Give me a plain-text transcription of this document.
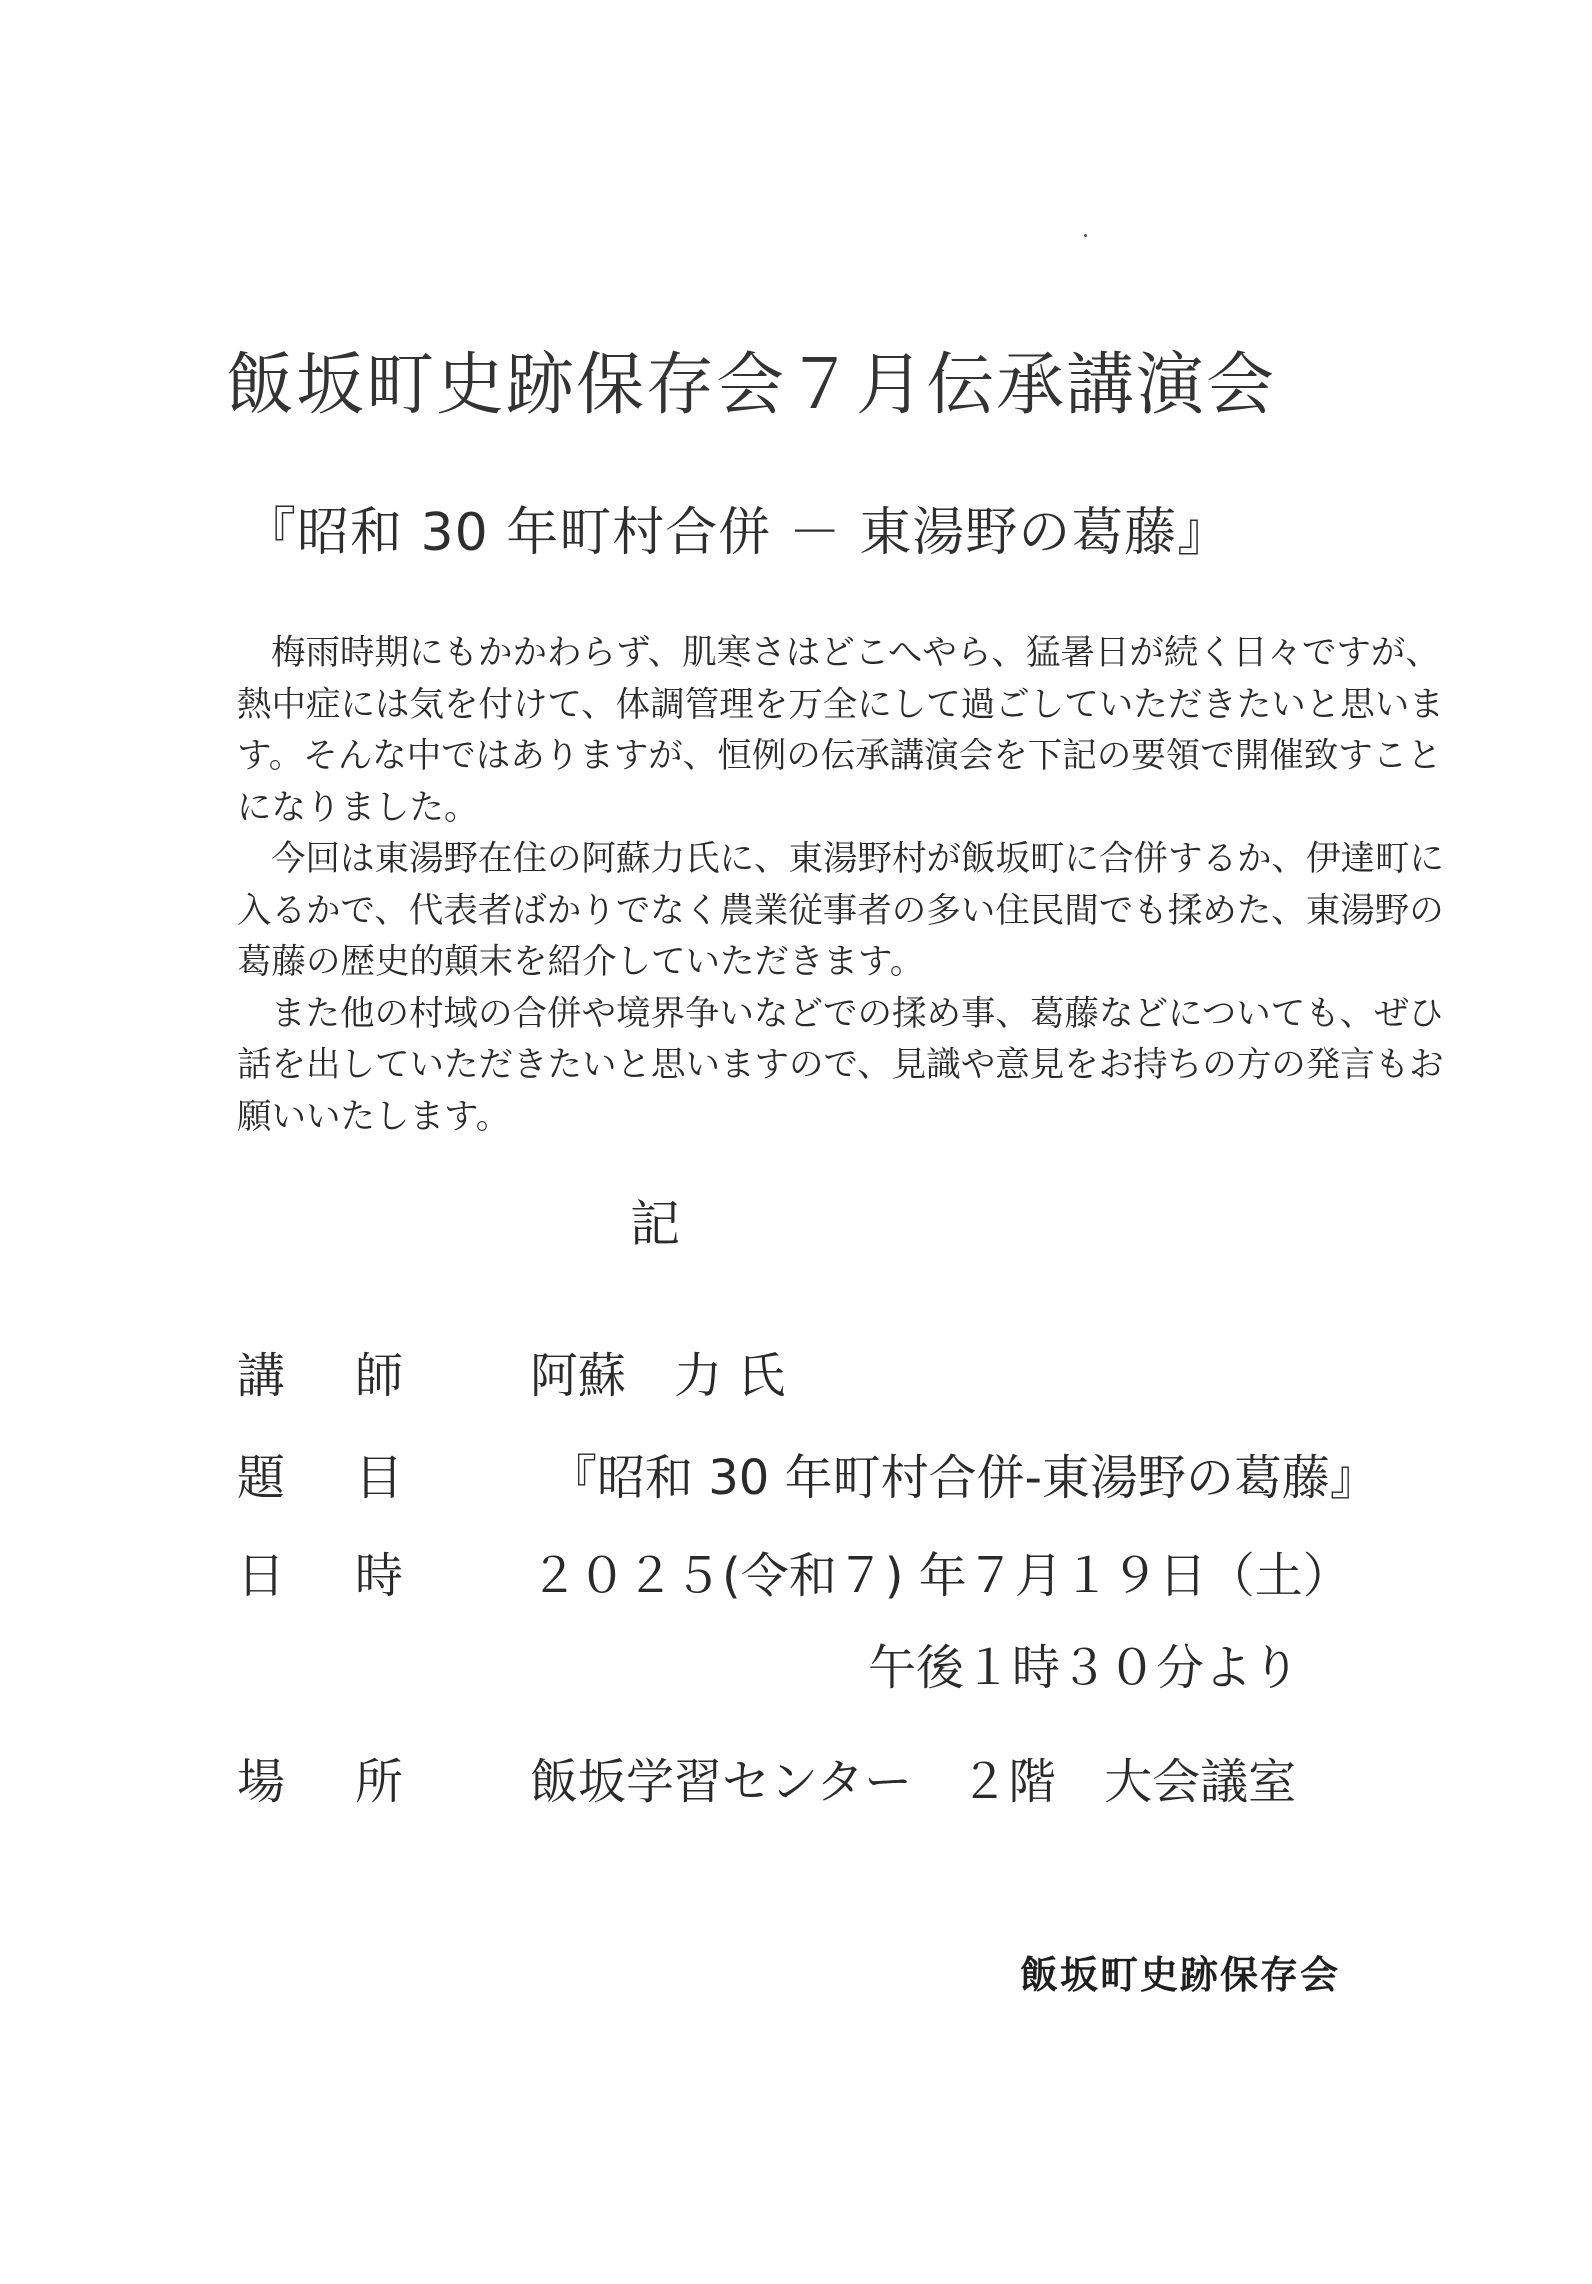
飯坂町史跡保存会７月伝承講演会
『昭和 30 年町村合併 － 東湯野の葛藤』
梅雨時期にもかかわらず、肌寒さはどこへやら、猛暑日が続く日々ですが、
熱中症には気を付けて、体調管理を万全にして過ごしていただきたいと思いま
す。そんな中ではありますが、恒例の伝承講演会を下記の要領で開催致すこと
になりました。
今回は東湯野在住の阿蘇力氏に、東湯野村が飯坂町に合併するか、伊達町に
入るかで、代表者ばかりでなく農業従事者の多い住民間でも揉めた、東湯野の
葛藤の歴史的顛末を紹介していただきます。
また他の村域の合併や境界争いなどでの揉め事、葛藤などについても、ぜひ
話を出していただきたいと思いますので、見識や意見をお持ちの方の発言もお
願いいたします。
記
講師 阿蘇　力 氏
題目 『昭和 30 年町村合併-東湯野の葛藤』
日時 ２０２５(令和７) 年７月１９日（土）
午後１時３０分より
場所 飯坂学習センター　２階　大会議室
飯坂町史跡保存会
